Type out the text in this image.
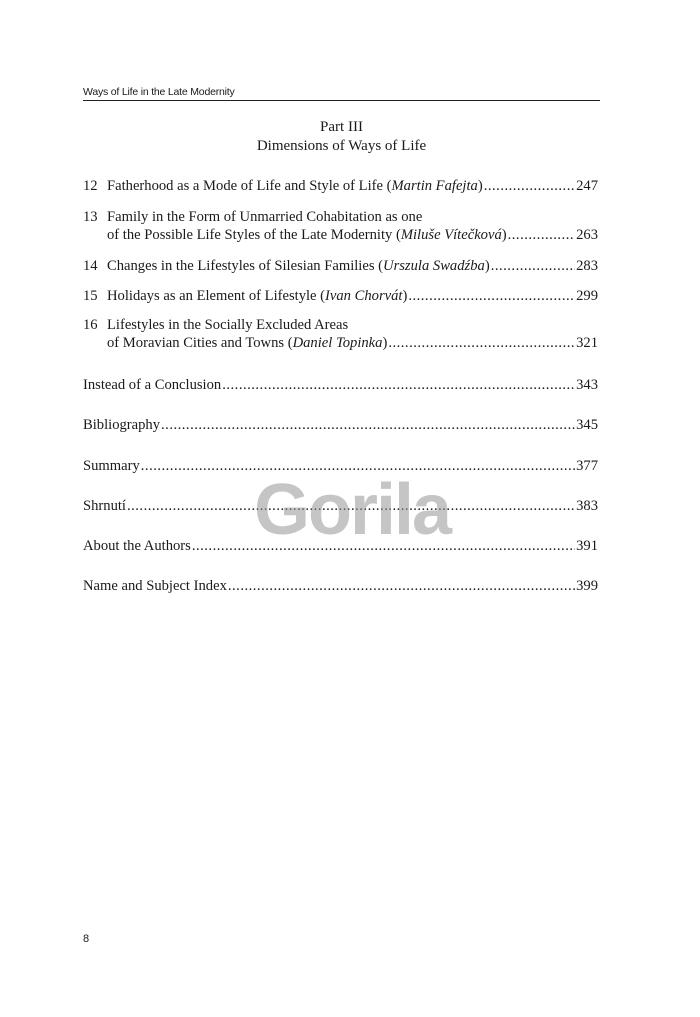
Ways of Life in the Late Modernity
Part III
Dimensions of Ways of Life
12 Fatherhood as a Mode of Life and Style of Life (Martin Fafejta) .....	247
13 Family in the Form of Unmarried Cohabitation as one
of the Possible Life Styles of the Late Modernity (Miluše Vítečková) .....	263
14 Changes in the Lifestyles of Silesian Families (Urszula Swadźba) .....	283
15 Holidays as an Element of Lifestyle (Ivan Chorvát) .....	299
16 Lifestyles in the Socially Excluded Areas
of Moravian Cities and Towns (Daniel Topinka) .....	321
Instead of a Conclusion .....	343
Bibliography .....	345
Summary .....	377
Shrnutí .....	383
About the Authors .....	391
Name and Subject Index .....	399
Gorila
8
